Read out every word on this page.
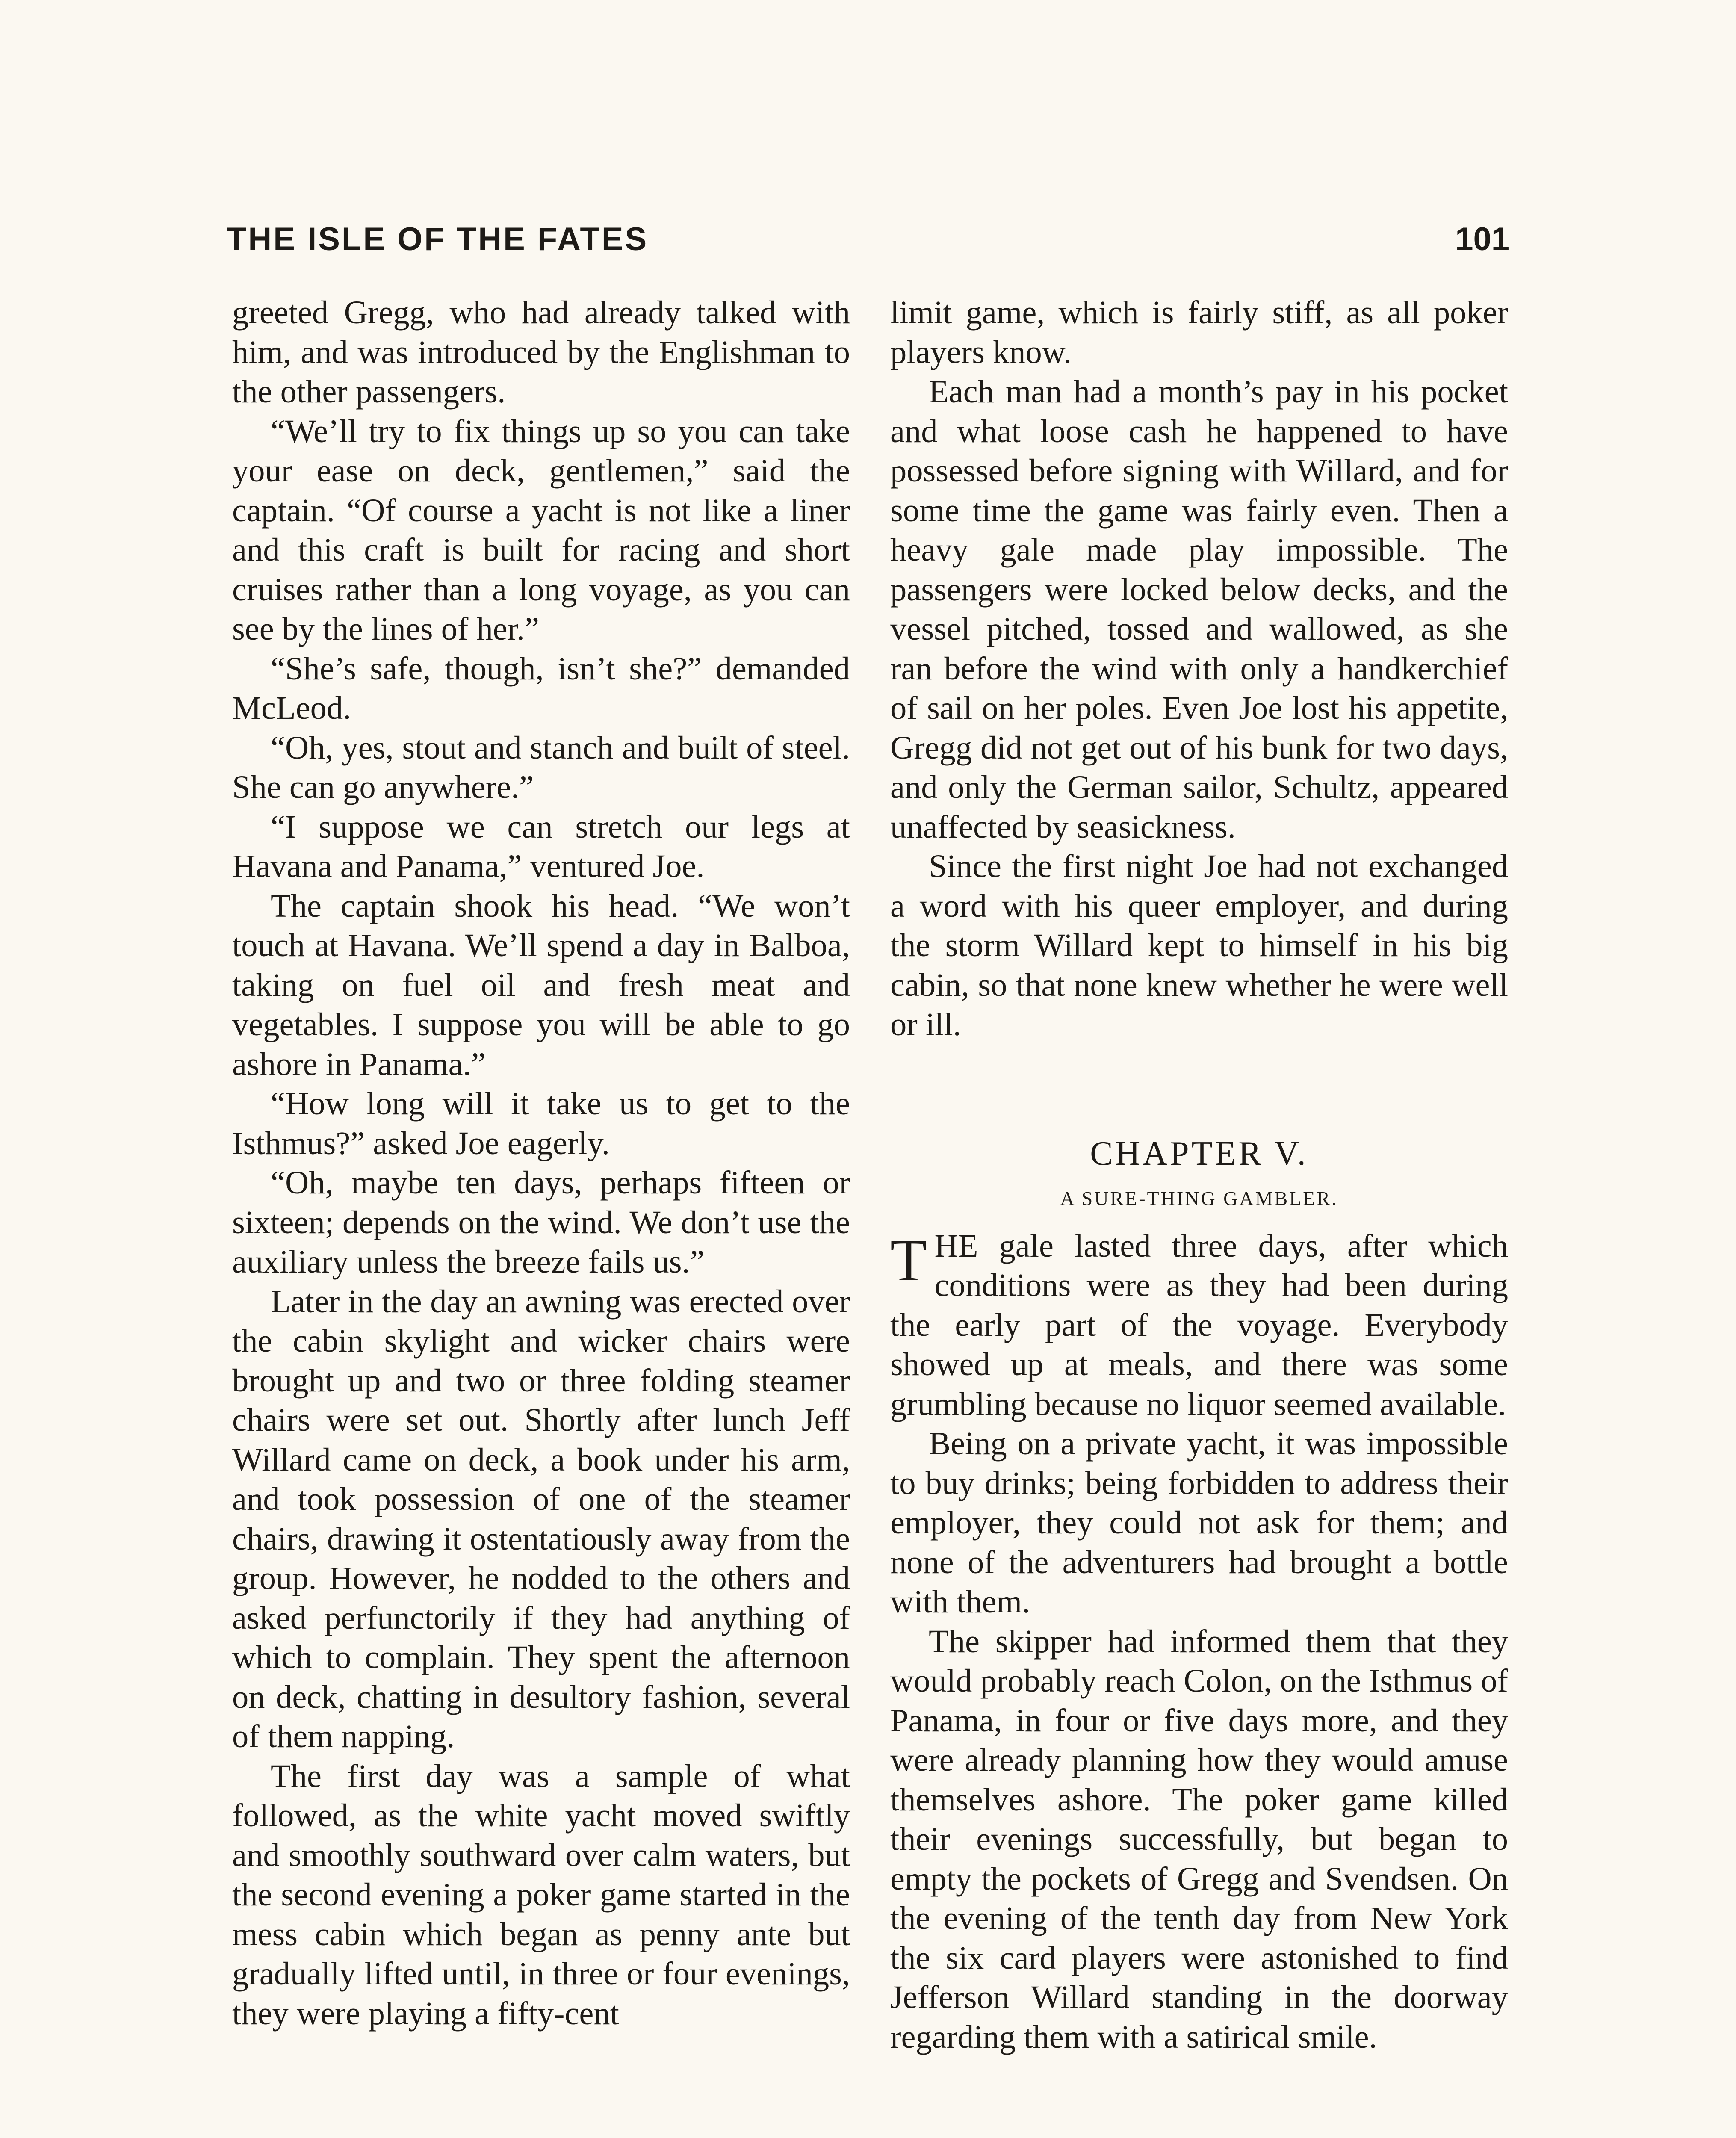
THE ISLE OF THE FATES	101

greeted Gregg, who had already talked with him, and was introduced by the Englishman to the other passengers.

“We’ll try to fix things up so you can take your ease on deck, gentlemen,” said the captain. “Of course a yacht is not like a liner and this craft is built for racing and short cruises rather than a long voyage, as you can see by the lines of her.”

“She’s safe, though, isn’t she?” demanded McLeod.

“Oh, yes, stout and stanch and built of steel. She can go anywhere.”

“I suppose we can stretch our legs at Havana and Panama,” ventured Joe.

The captain shook his head. “We won’t touch at Havana. We’ll spend a day in Balboa, taking on fuel oil and fresh meat and vegetables. I suppose you will be able to go ashore in Panama.”

“How long will it take us to get to the Isthmus?” asked Joe eagerly.

“Oh, maybe ten days, perhaps fifteen or sixteen; depends on the wind. We don’t use the auxiliary unless the breeze fails us.”

Later in the day an awning was erected over the cabin skylight and wicker chairs were brought up and two or three folding steamer chairs were set out. Shortly after lunch Jeff Willard came on deck, a book under his arm, and took possession of one of the steamer chairs, drawing it ostentatiously away from the group. However, he nodded to the others and asked perfunctorily if they had anything of which to complain. They spent the afternoon on deck, chatting in desultory fashion, several of them napping.

The first day was a sample of what followed, as the white yacht moved swiftly and smoothly southward over calm waters, but the second evening a poker game started in the mess cabin which began as penny ante but gradually lifted until, in three or four evenings, they were playing a fifty-cent

limit game, which is fairly stiff, as all poker players know.

Each man had a month’s pay in his pocket and what loose cash he happened to have possessed before signing with Willard, and for some time the game was fairly even. Then a heavy gale made play impossible. The passengers were locked below decks, and the vessel pitched, tossed and wallowed, as she ran before the wind with only a handkerchief of sail on her poles. Even Joe lost his appetite, Gregg did not get out of his bunk for two days, and only the German sailor, Schultz, appeared unaffected by seasickness.

Since the first night Joe had not exchanged a word with his queer employer, and during the storm Willard kept to himself in his big cabin, so that none knew whether he were well or ill.

CHAPTER V.
A SURE-THING GAMBLER.

THE gale lasted three days, after which conditions were as they had been during the early part of the voyage. Everybody showed up at meals, and there was some grumbling because no liquor seemed available.

Being on a private yacht, it was impossible to buy drinks; being forbidden to address their employer, they could not ask for them; and none of the adventurers had brought a bottle with them.

The skipper had informed them that they would probably reach Colon, on the Isthmus of Panama, in four or five days more, and they were already planning how they would amuse themselves ashore. The poker game killed their evenings successfully, but began to empty the pockets of Gregg and Svendsen. On the evening of the tenth day from New York the six card players were astonished to find Jefferson Willard standing in the doorway regarding them with a satirical smile.
